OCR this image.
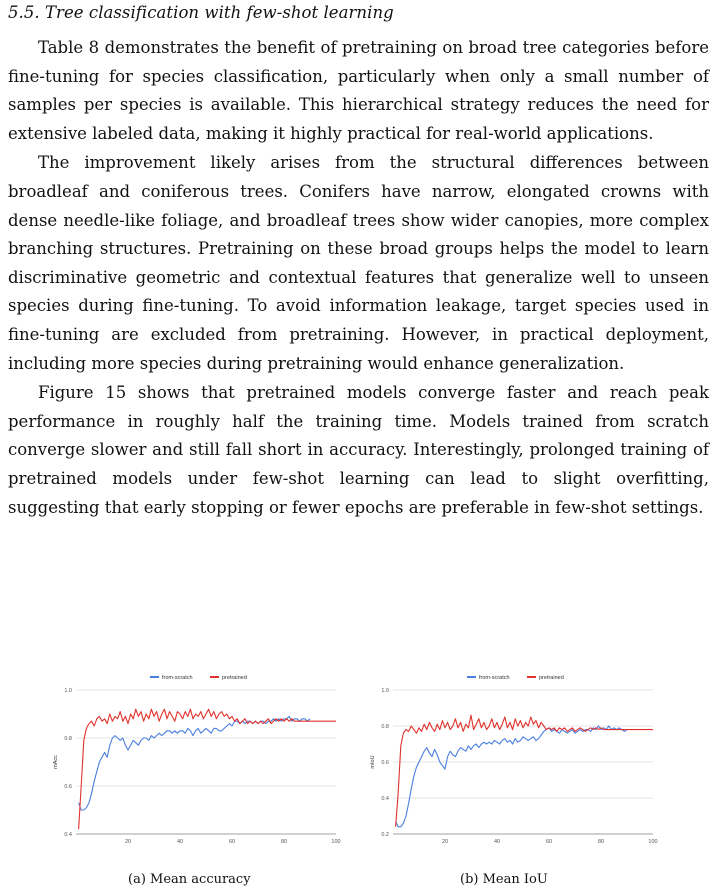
5.5. Tree classification with few-shot learning

Table 8 demonstrates the benefit of pretraining on broad tree categories before fine-tuning for species classification, particularly when only a small number of samples per species is available. This hierarchical strategy reduces the need for extensive labeled data, making it highly practical for real-world applications.

The improvement likely arises from the structural differences between broadleaf and coniferous trees. Conifers have narrow, elongated crowns with dense needle-like foliage, and broadleaf trees show wider canopies, more complex branching structures. Pretraining on these broad groups helps the model to learn discriminative geometric and contextual features that generalize well to unseen species during fine-tuning. To avoid information leakage, target species used in fine-tuning are excluded from pretraining. However, in practical deployment, including more species during pretraining would enhance generalization.

Figure 15 shows that pretrained models converge faster and reach peak performance in roughly half the training time. Models trained from scratch converge slower and still fall short in accuracy. Interestingly, prolonged training of pretrained models under few-shot learning can lead to slight overfitting, suggesting that early stopping or fewer epochs are preferable in few-shot settings.

0.4
0.6
0.8
1.0
20	40	60	80	100
mAcc
from-scratch	pretrained
0.2
0.4
0.6
0.8
1.0
20	40	60	80	100
mIoU
from-scratch	pretrained
(a) Mean accuracy	(b) Mean IoU
